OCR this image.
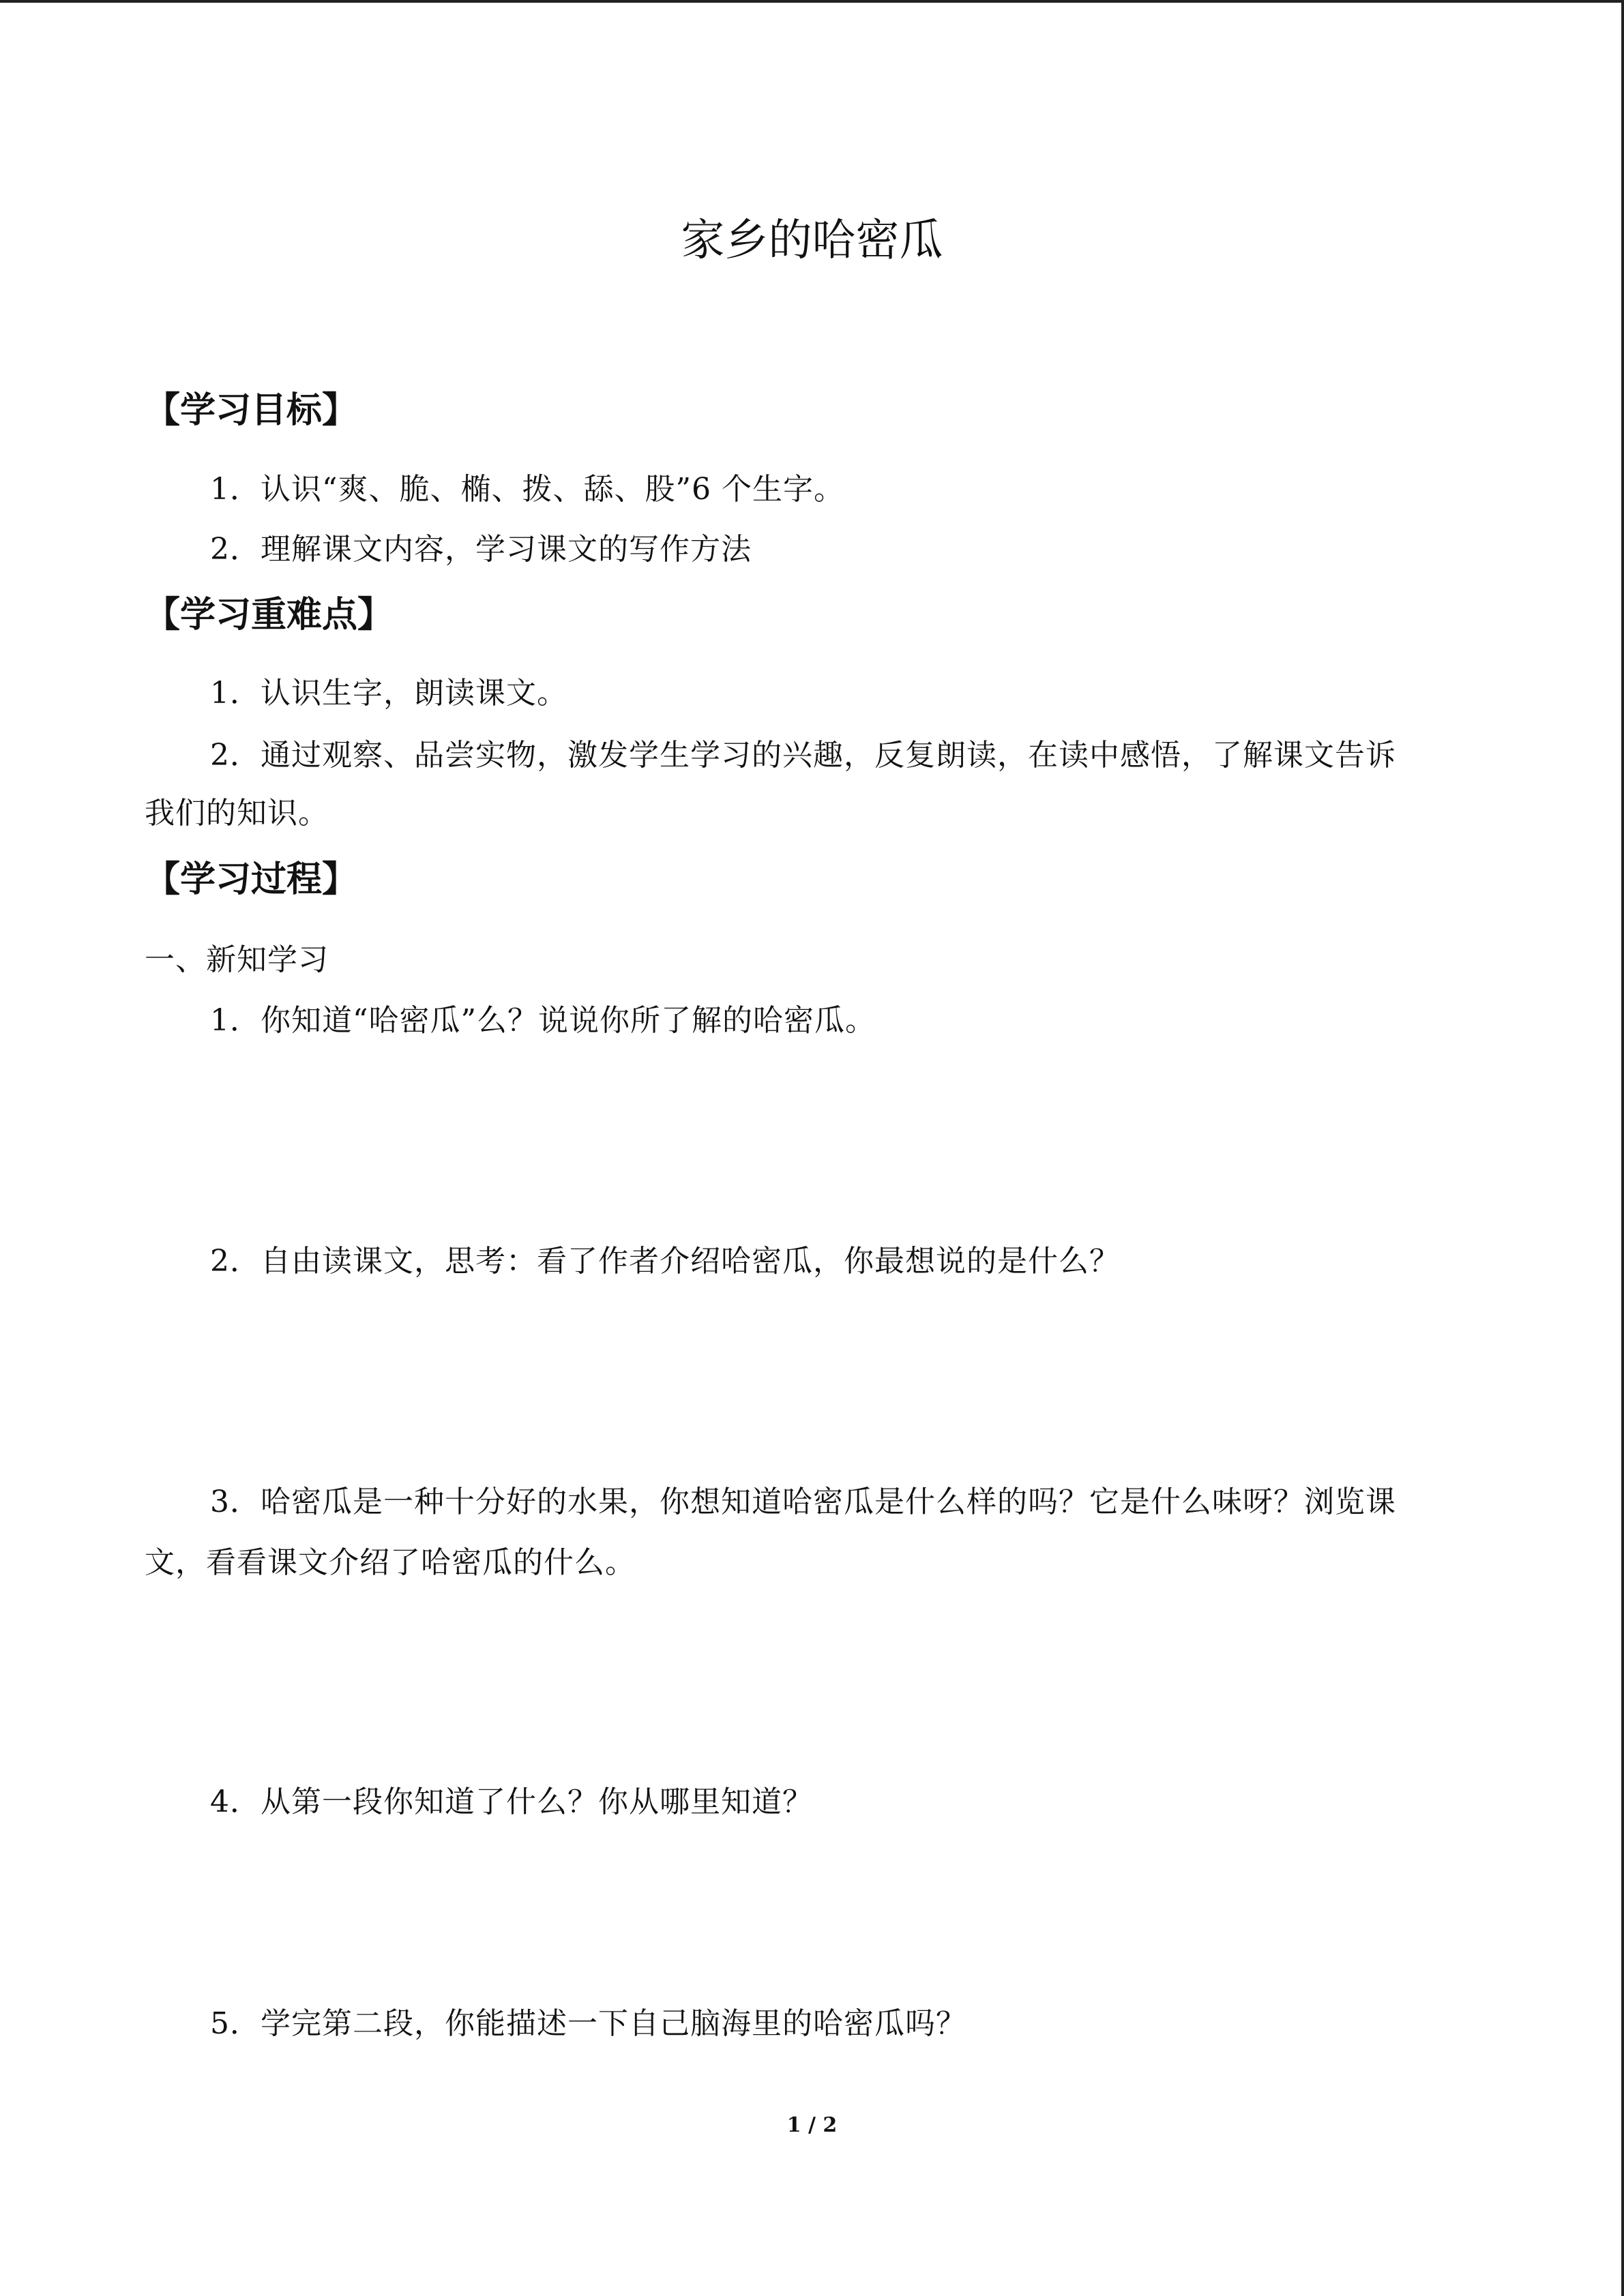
家乡的哈密瓜
【学习目标】
1．认识“爽、脆、椭、拨、舔、股”6 个生字。
2．理解课文内容，学习课文的写作方法
【学习重难点】
1．认识生字，朗读课文。
2．通过观察、品尝实物，激发学生学习的兴趣，反复朗读，在读中感悟，了解课文告诉
我们的知识。
【学习过程】
一、新知学习
1．你知道“哈密瓜”么？说说你所了解的哈密瓜。
2．自由读课文，思考：看了作者介绍哈密瓜，你最想说的是什么？
3．哈密瓜是一种十分好的水果，你想知道哈密瓜是什么样的吗？它是什么味呀？浏览课
文，看看课文介绍了哈密瓜的什么。
4．从第一段你知道了什么？你从哪里知道？
5．学完第二段，你能描述一下自己脑海里的哈密瓜吗？
1 / 2
